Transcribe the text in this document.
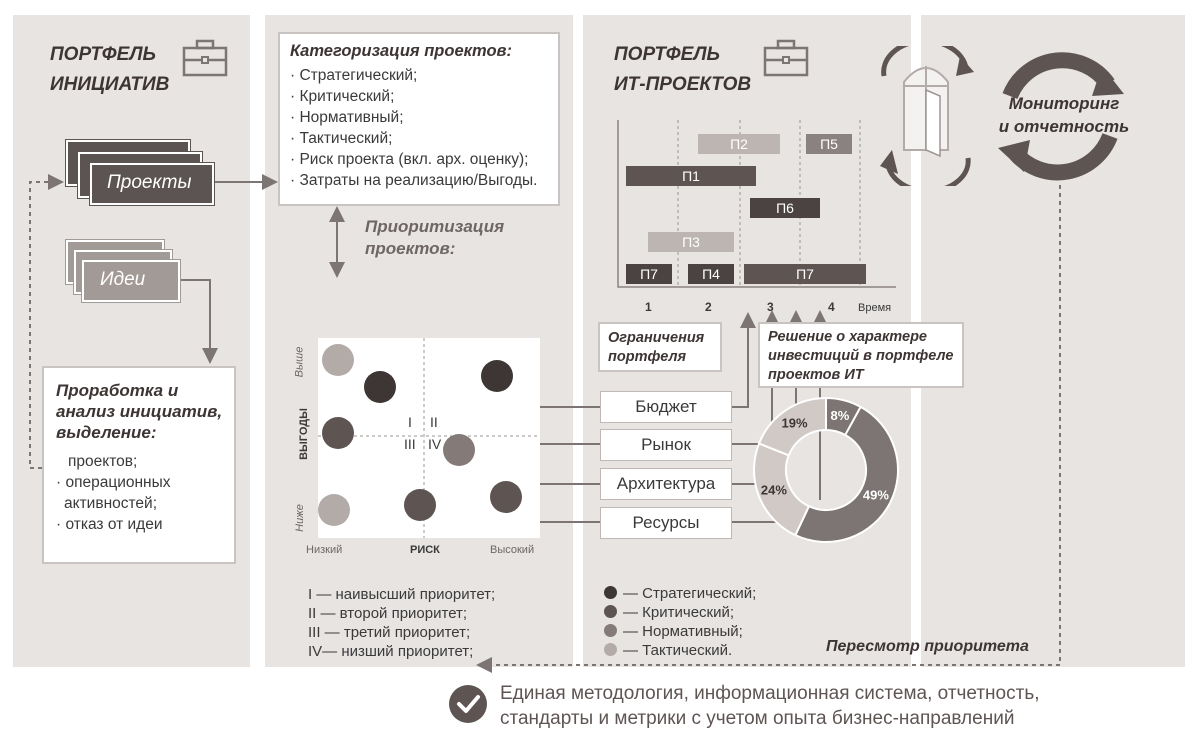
ПОРТФЕЛЬ
ИНИЦИАТИВ
Проекты
Идеи
Проработка и
анализ инициатив,
выделение:
проектов;
· операционных
активностей;
· отказ от идеи
Категоризация проектов:
· Стратегический;
· Критический;
· Нормативный;
· Тактический;
· Риск проекта (вкл. арх. оценку);
· Затраты на реализацию/Выгоды.
Приоритизация
проектов:
I II
III IV
ВЫГОДЫ
Выше
Ниже
Низкий	РИСК	Высокий
I — наивысший приоритет;
II — второй приоритет;
III — третий приоритет;
IV— низший приоритет;
ПОРТФЕЛЬ
ИТ-ПРОЕКТОВ
П2	П5
П1
П6
П3
П7	П4	П7
1	2	3	4 Время
Ограничения
портфеля
Решение о характере
инвестиций в портфеле
проектов ИТ
Бюджет
Рынок
Архитектура
Ресурсы
8%
49%
24%
19%
— Стратегический;
— Критический;
— Нормативный;
— Тактический.
Мониторинг
и отчетность
Пересмотр приоритета
Единая методология, информационная система, отчетность,
стандарты и метрики с учетом опыта бизнес-направлений
